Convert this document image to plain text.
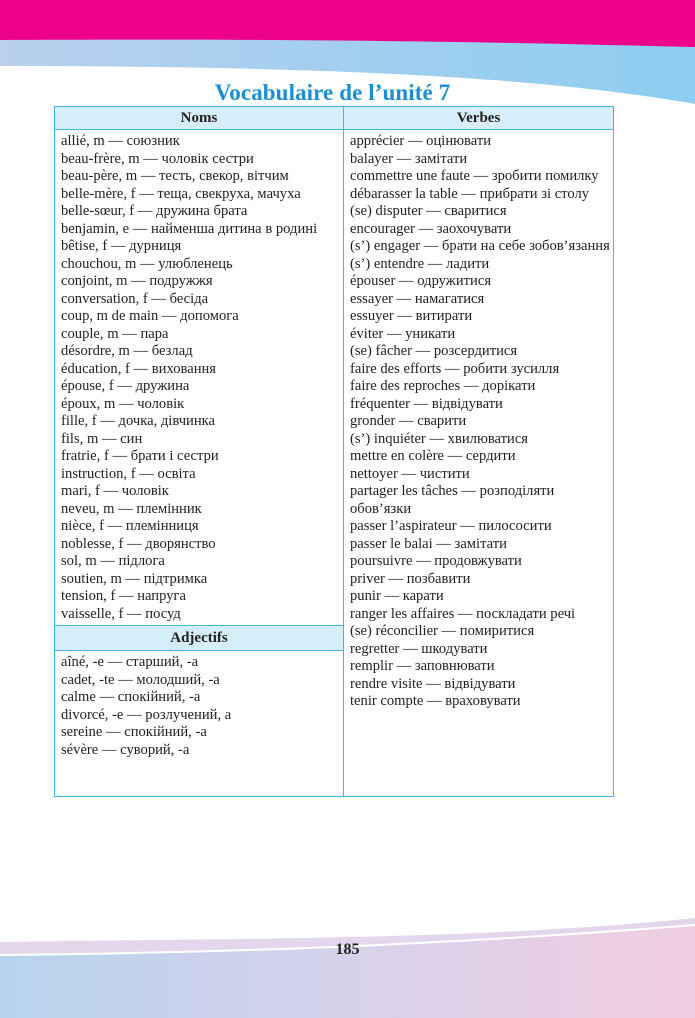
Vocabulaire de l’unité 7
Noms
allié, m — союзник
beau-frère, m — чоловік сестри
beau-père, m — тесть, свекор, вітчим
belle-mère, f — теща, свекруха, мачуха
belle-sœur, f — дружина брата
benjamin, e — найменша дитина в родині
bêtise, f — дурниця
chouchou, m — улюбленець
conjoint, m — подружжя
conversation, f — бесіда
coup, m de main — допомога
couple, m — пара
désordre, m — безлад
éducation, f — виховання
épouse, f — дружина
époux, m — чоловік
fille, f — дочка, дівчинка
fils, m — син
fratrie, f — брати і сестри
instruction, f — освіта
mari, f — чоловік
neveu, m — племінник
nièce, f — племінниця
noblesse, f — дворянство
sol, m — підлога
soutien, m — підтримка
tension, f — напруга
vaisselle, f — посуд
Adjectifs
aîné, -e — старший, -а
cadet, -te — молодший, -а
calme — спокійний, -а
divorcé, -e — розлучений, а
sereine — спокійний, -а
sévère — суворий, -а
Verbes
apprécier — оцінювати
balayer — замітати
commettre une faute — зробити помилку
débarasser la table — прибрати зі столу
(se) disputer — сваритися
encourager — заохочувати
(s’) engager — брати на себе зобов’язання
(s’) entendre — ладити
épouser — одружитися
essayer — намагатися
essuyer — витирати
éviter — уникати
(se) fâcher — розсердитися
faire des efforts — робити зусилля
faire des reproches — дорікати
fréquenter — відвідувати
gronder — сварити
(s’) inquiéter — хвилюватися
mettre en colère — сердити
nettoyer — чистити
partager les tâches — розподіляти обов’язки
passer l’aspirateur — пилососити
passer le balai — замітати
poursuivre — продовжувати
priver — позбавити
punir — карати
ranger les affaires — посклaдати речі
(se) réconcilier — помиритися
regretter — шкодувати
remplir — заповнювати
rendre visite — відвідувати
tenir compte — враховувати
185
